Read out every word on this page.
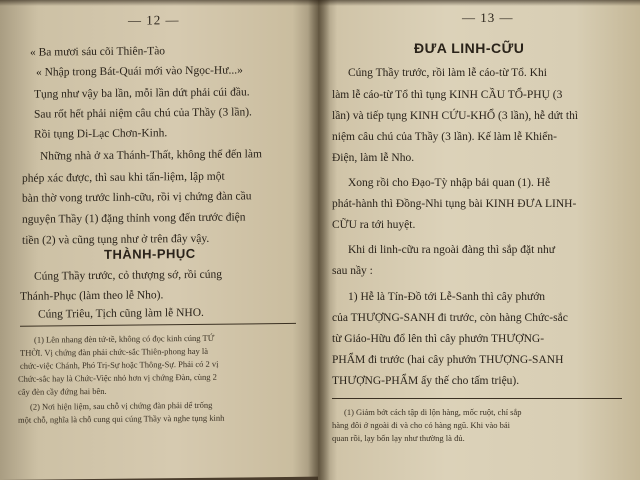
— 12 —
« Ba mươi sáu cõi Thiên-Tào
« Nhập trong Bát-Quái mới vào Ngọc-Hư...»
Tụng như vậy ba lần, mỗi lần dứt phải cúi đầu.
Sau rốt hết phải niệm câu chú của Thầy (3 lần).
Rồi tụng Di-Lạc Chơn-Kinh.
Những nhà ở xa Thánh-Thất, không thể đến làm
phép xác được, thì sau khi tẩn-liệm, lập một
bàn thờ vong trước linh-cữu, rồi vị chứng đàn cầu
nguyện Thầy (1) đặng thỉnh vong đến trước điện
tiền (2) và cũng tụng như ở trên đây vậy.
THÀNH-PHỤC
Cúng Thầy trước, cỏ thượng sớ, rồi cúng
Thánh-Phục (làm theo lễ Nho).
Cúng Triêu, Tịch cũng làm lễ NHO.
(1) Lên nhang đèn tứ-tề, không có đọc kinh cúng TỨ
THỜI. Vị chứng đàn phải chức-sắc Thiên-phong hay là
chức-việc Chánh, Phó Trị-Sự hoặc Thông-Sự. Phải có 2 vị
Chức-sắc hay là Chức-Việc nhỏ hơn vị chứng Đàn, cùng 2
cây đèn cầy đứng hai bên.
(2) Nơi hiện liệm, sau chỗ vị chứng đàn phải dể trống
một chỗ, nghĩa là chỗ cung qui cúng Thầy và nghe tụng kinh
— 13 —
ĐƯA LINH-CỮU
Cúng Thầy trước, rồi làm lễ cáo-từ Tổ. Khi
làm lễ cáo-từ Tổ thì tụng KINH CẦU TỔ-PHỤ (3
lần) và tiếp tụng KINH CỨU-KHỔ (3 lần), hễ dứt thì
niệm câu chú của Thầy (3 lần). Kế làm lễ Khiển-
Điện, làm lễ Nho.
Xong rồi cho Đạo-Tỳ nhập bải quan (1). Hễ
phát-hành thì Đồng-Nhi tụng bài KINH ĐƯA LINH-
CỮU ra tới huyệt.
Khi di linh-cữu ra ngoài đàng thì sắp đặt như
sau nầy :
1) Hễ là Tín-Đồ tới Lễ-Sanh thì cây phướn
của THƯỢNG-SANH đi trước, còn hàng Chức-sắc
từ Giáo-Hữu đổ lên thì cây phướn THƯỢNG-
PHẨM đi trước (hai cây phướn THƯỢNG-SANH
THƯỢNG-PHẨM ấy thế cho tấm triệu).
(1) Giảm bớt cách tập di lộn hàng, mốc ruột, chỉ sắp
hàng đôi ở ngoài đi và cho có hàng ngũ. Khi vào bải
quan rồi, lạy bốn lạy như thường là đủ.
